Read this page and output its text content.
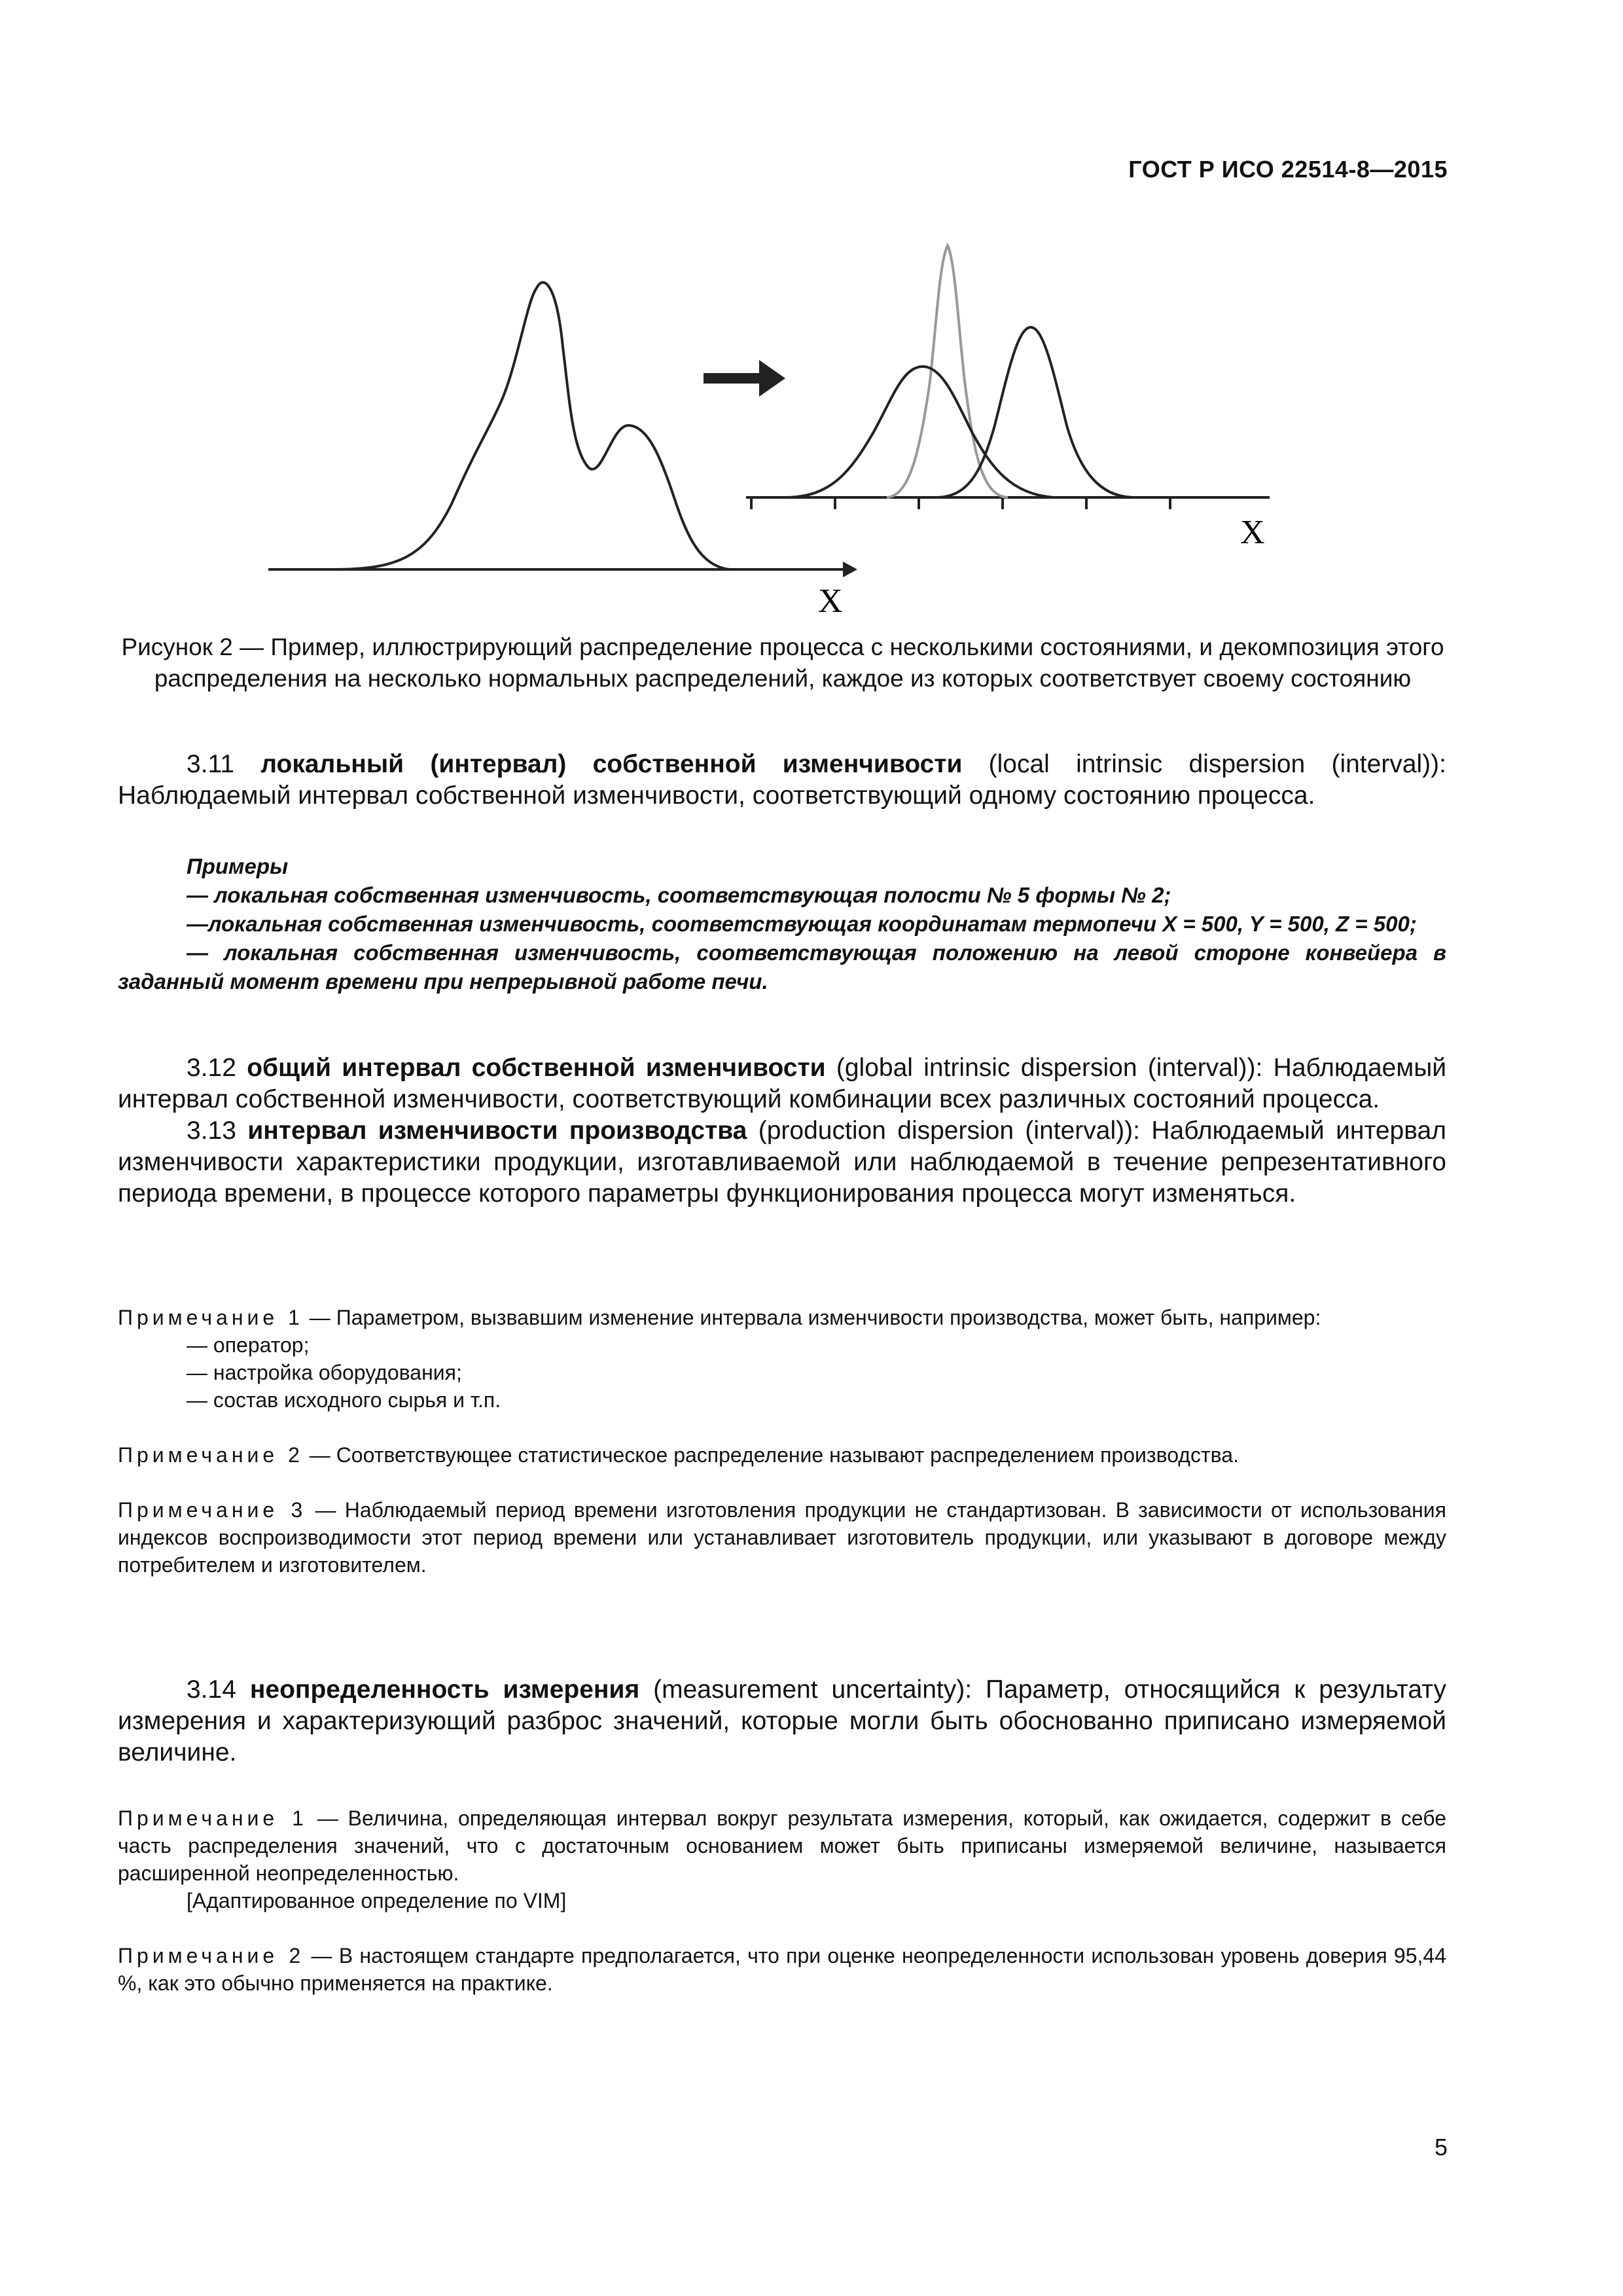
ГОСТ Р ИСО 22514-8—2015
X
X
Рисунок 2 — Пример, иллюстрирующий распределение процесса с несколькими состояниями, и декомпозиция этого распределения на несколько нормальных распределений, каждое из которых соответствует своему состоянию

3.11 локальный (интервал) собственной изменчивости (local intrinsic dispersion (interval)): Наблюдаемый интервал собственной изменчивости, соответствующий одному состоянию процесса.

Примеры

— локальная собственная изменчивость, соответствующая полости № 5 формы № 2;

—локальная собственная изменчивость, соответствующая координатам термопечи X = 500, Y = 500, Z = 500;

— локальная собственная изменчивость, соответствующая положению на левой стороне конвейера в заданный момент времени при непрерывной работе печи.

3.12 общий интервал собственной изменчивости (global intrinsic dispersion (interval)): Наблюдаемый интервал собственной изменчивости, соответствующий комбинации всех различных состояний процесса.

3.13 интервал изменчивости производства (production dispersion (interval)): Наблюдаемый интервал изменчивости характеристики продукции, изготавливаемой или наблюдаемой в течение репрезентативного периода времени, в процессе которого параметры функционирования процесса могут изменяться.

Примечание 1 — Параметром, вызвавшим изменение интервала изменчивости производства, может быть, например:

— оператор;

— настройка оборудования;

— состав исходного сырья и т.п.

Примечание 2 — Соответствующее статистическое распределение называют распределением производства.

Примечание 3 — Наблюдаемый период времени изготовления продукции не стандартизован. В зависимости от использования индексов воспроизводимости этот период времени или устанавливает изготовитель продукции, или указывают в договоре между потребителем и изготовителем.

3.14 неопределенность измерения (measurement uncertainty): Параметр, относящийся к результату измерения и характеризующий разброс значений, которые могли быть обоснованно приписано измеряемой величине.

Примечание 1 — Величина, определяющая интервал вокруг результата измерения, который, как ожидается, содержит в себе часть распределения значений, что с достаточным основанием может быть приписаны измеряемой величине, называется расширенной неопределенностью.

[Адаптированное определение по VIM]

Примечание 2 — В настоящем стандарте предполагается, что при оценке неопределенности использован уровень доверия 95,44 %, как это обычно применяется на практике.

5
